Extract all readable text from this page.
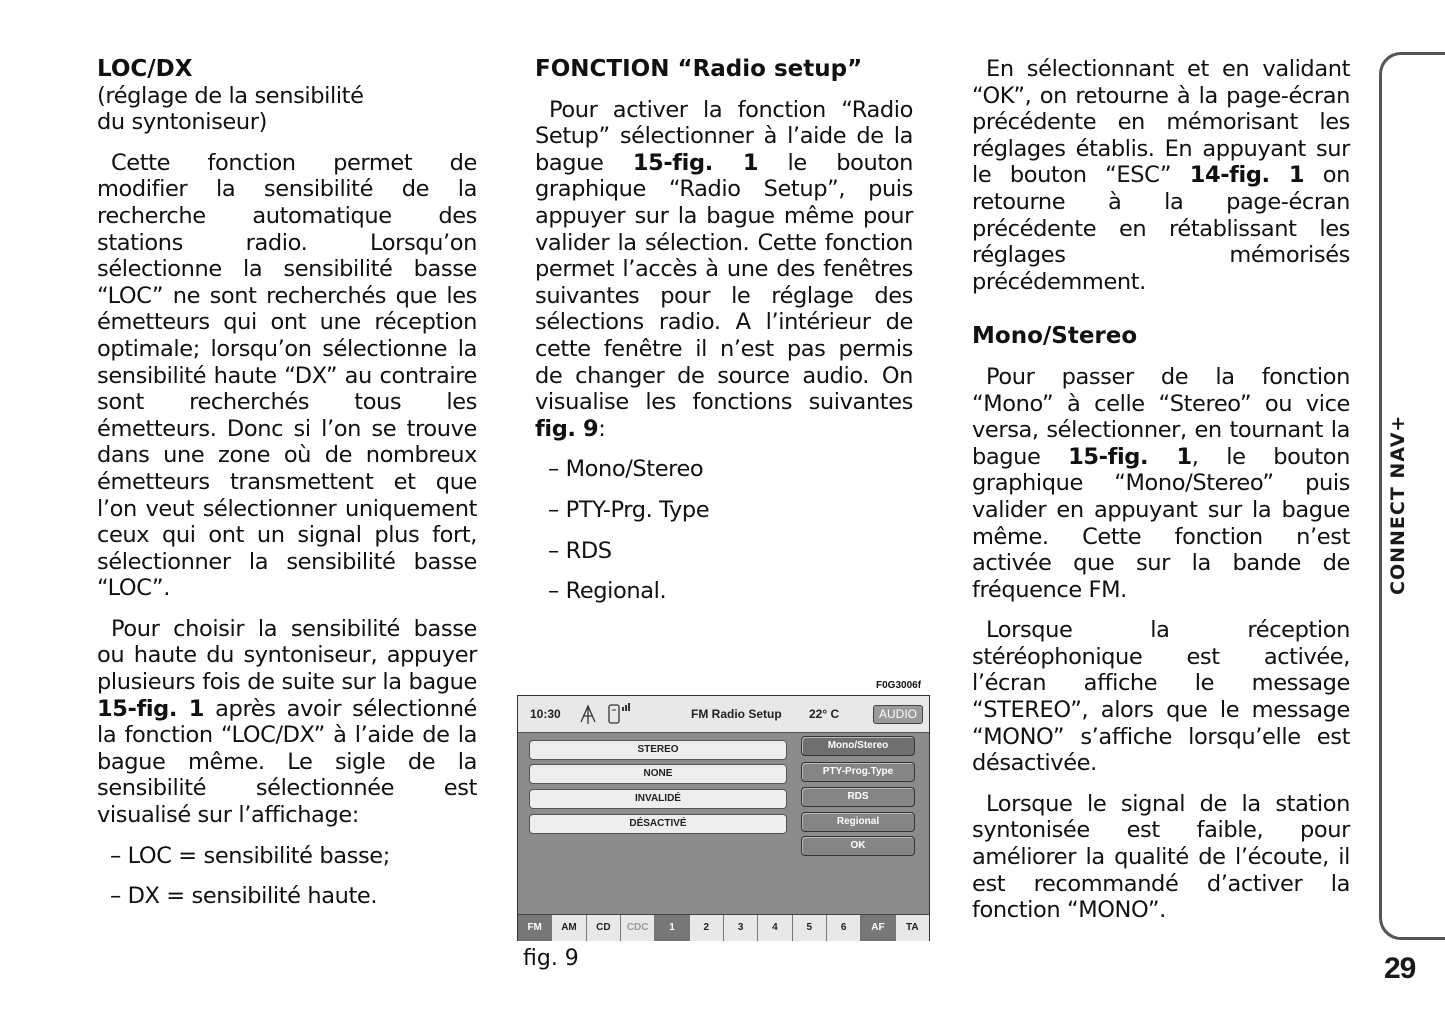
LOC/DX
(réglage de la sensibilité
du syntoniseur)

Cette fonction permet de modifier la sensibilité de la recherche automatique des stations radio. Lorsqu’on sélectionne la sensibilité basse “LOC” ne sont recherchés que les émetteurs qui ont une réception optimale; lorsqu’on sélectionne la sensibilité haute “DX” au contraire sont recherchés tous les émetteurs. Donc si l’on se trouve dans une zone où de nombreux émetteurs transmettent et que l’on veut sélectionner uniquement ceux qui ont un signal plus fort, sélectionner la sensibilité basse “LOC”.

Pour choisir la sensibilité basse ou haute du syntoniseur, appuyer plusieurs fois de suite sur la bague 15-fig. 1 après avoir sélectionné la fonction “LOC/DX” à l’aide de la bague même. Le sigle de la sensibilité sélectionnée est visualisé sur l’affichage:

– LOC = sensibilité basse;

– DX = sensibilité haute.

FONCTION “Radio setup”

Pour activer la fonction “Radio Setup” sélectionner à l’aide de la bague 15-fig. 1 le bouton graphique “Radio Setup”, puis appuyer sur la bague même pour valider la sélection. Cette fonction permet l’accès à une des fenêtres suivantes pour le réglage des sélections radio. A l’intérieur de cette fenêtre il n’est pas permis de changer de source audio. On visualise les fonctions suivantes fig. 9:

– Mono/Stereo

– PTY-Prg. Type

– RDS

– Regional.

En sélectionnant et en validant “OK”, on retourne à la page-écran précédente en mémorisant les réglages établis. En appuyant sur le bouton “ESC” 14-fig. 1 on retourne à la page-écran précédente en rétablissant les réglages mémorisés précédemment.

Mono/Stereo

Pour passer de la fonction “Mono” à celle “Stereo” ou vice versa, sélectionner, en tournant la bague 15-fig. 1, le bouton graphique “Mono/Stereo” puis valider en appuyant sur la bague même. Cette fonction n’est activée que sur la bande de fréquence FM.

Lorsque la réception stéréophonique est activée, l’écran affiche le message “STEREO”, alors que le message “MONO” s’affiche lorsqu’elle est désactivée.

Lorsque le signal de la station syntonisée est faible, pour améliorer la qualité de l’écoute, il est recommandé d’activer la fonction “MONO”.

F0G3006f
10:30	FM Radio Setup 22° C	AUDIO
STEREO
NONE
INVALIDÉ
DÉSACTIVÉ
Mono/Stereo
PTY-Prog.Type
RDS
Regional
OK
FM	AM	CD	CDC	1	2	3	4	5	6	AF	TA
fig. 9
CONNECT NAV+
29
